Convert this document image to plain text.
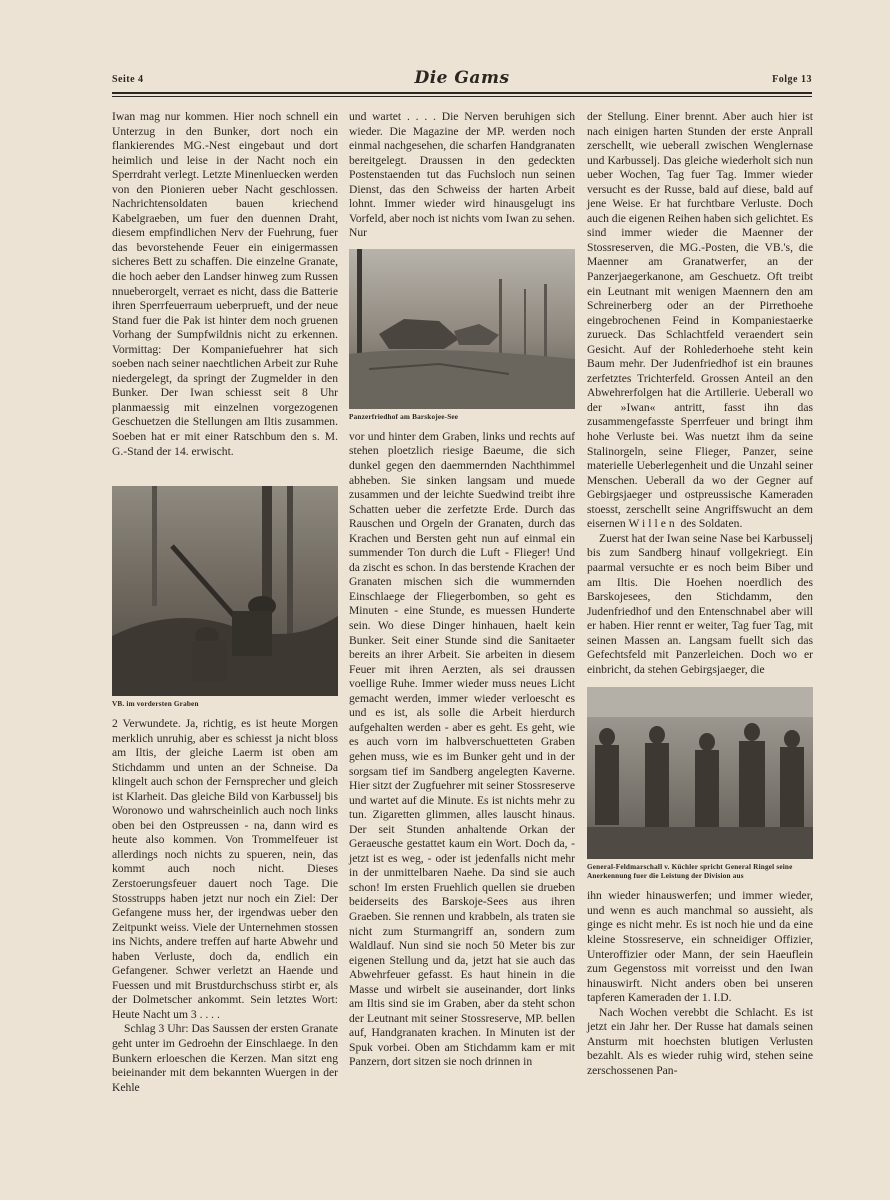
Seite 4	Die Gams	Folge 13

Iwan mag nur kommen. Hier noch schnell ein Unterzug in den Bunker, dort noch ein flankierendes MG.-Nest eingebaut und dort heimlich und leise in der Nacht noch ein Sperrdraht verlegt. Letzte Minenluecken werden von den Pionieren ueber Nacht geschlossen. Nachrichtensoldaten bauen kriechend Kabelgraeben, um fuer den duennen Draht, diesem empfindlichen Nerv der Fuehrung, fuer das bevorstehende Feuer ein einigermassen sicheres Bett zu schaffen. Die einzelne Granate, die hoch aeber den Landser hinweg zum Russen nnueberorgelt, verraet es nicht, dass die Batterie ihren Sperrfeuerraum ueberprueft, und der neue Stand fuer die Pak ist hinter dem noch gruenen Vorhang der Sumpfwildnis nicht zu erkennen. Vormittag: Der Kompaniefuehrer hat sich soeben nach seiner naechtlichen Arbeit zur Ruhe niedergelegt, da springt der Zugmelder in den Bunker. Der Iwan schiesst seit 8 Uhr planmaessig mit einzelnen vorgezogenen Geschuetzen die Stellungen am Iltis zusammen. Soeben hat er mit einer Ratschbum den s. M. G.-Stand der 14. erwischt.

VB. im vordersten Graben

2 Verwundete. Ja, richtig, es ist heute Morgen merklich unruhig, aber es schiesst ja nicht bloss am Iltis, der gleiche Laerm ist oben am Stichdamm und unten an der Schneise. Da klingelt auch schon der Fernsprecher und gleich ist Klarheit. Das gleiche Bild von Karbusselj bis Woronowo und wahrscheinlich auch noch links oben bei den Ostpreussen - na, dann wird es heute also kommen. Von Trommelfeuer ist allerdings noch nichts zu spueren, nein, das kommt auch noch nicht. Dieses Zerstoerungsfeuer dauert noch Tage. Die Stosstrupps haben jetzt nur noch ein Ziel: Der Gefangene muss her, der irgendwas ueber den Zeitpunkt weiss. Viele der Unternehmen stossen ins Nichts, andere treffen auf harte Abwehr und haben Verluste, doch da, endlich ein Gefangener. Schwer verletzt an Haende und Fuessen und mit Brustdurchschuss stirbt er, als der Dolmetscher ankommt. Sein letztes Wort: Heute Nacht um 3 . . . .

Schlag 3 Uhr: Das Saussen der ersten Granate geht unter im Gedroehn der Einschlaege. In den Bunkern erloeschen die Kerzen. Man sitzt eng beieinander mit dem bekannten Wuergen in der Kehle

und wartet . . . . Die Nerven beruhigen sich wieder. Die Magazine der MP. werden noch einmal nachgesehen, die scharfen Handgranaten bereitgelegt. Draussen in den gedeckten Postenstaenden tut das Fuchsloch nun seinen Dienst, das den Schweiss der harten Arbeit lohnt. Immer wieder wird hinausgelugt ins Vorfeld, aber noch ist nichts vom Iwan zu sehen. Nur

Panzerfriedhof am Barskojee-See

vor und hinter dem Graben, links und rechts auf stehen ploetzlich riesige Baeume, die sich dunkel gegen den daemmernden Nachthimmel abheben. Sie sinken langsam und muede zusammen und der leichte Suedwind treibt ihre Schatten ueber die zerfetzte Erde. Durch das Rauschen und Orgeln der Granaten, durch das Krachen und Bersten geht nun auf einmal ein summender Ton durch die Luft - Flieger! Und da zischt es schon. In das berstende Krachen der Granaten mischen sich die wummernden Einschlaege der Fliegerbomben, so geht es Minuten - eine Stunde, es muessen Hunderte sein. Wo diese Dinger hinhauen, haelt kein Bunker. Seit einer Stunde sind die Sanitaeter bereits an ihrer Arbeit. Sie arbeiten in diesem Feuer mit ihren Aerzten, als sei draussen voellige Ruhe. Immer wieder muss neues Licht gemacht werden, immer wieder verloescht es und es ist, als solle die Arbeit hierdurch aufgehalten werden - aber es geht. Es geht, wie es auch vorn im halbverschuetteten Graben gehen muss, wie es im Bunker geht und in der sorgsam tief im Sandberg angelegten Kaverne. Hier sitzt der Zugfuehrer mit seiner Stossreserve und wartet auf die Minute. Es ist nichts mehr zu tun. Zigaretten glimmen, alles lauscht hinaus. Der seit Stunden anhaltende Orkan der Geraeusche gestattet kaum ein Wort. Doch da, - jetzt ist es weg, - oder ist jedenfalls nicht mehr in der unmittelbaren Naehe. Da sind sie auch schon! Im ersten Fruehlich quellen sie drueben beiderseits des Barskoje-Sees aus ihren Graeben. Sie rennen und krabbeln, als traten sie nicht zum Sturmangriff an, sondern zum Waldlauf. Nun sind sie noch 50 Meter bis zur eigenen Stellung und da, jetzt hat sie auch das Abwehrfeuer gefasst. Es haut hinein in die Masse und wirbelt sie auseinander, dort links am Iltis sind sie im Graben, aber da steht schon der Leutnant mit seiner Stossreserve, MP. bellen auf, Handgranaten krachen. In Minuten ist der Spuk vorbei. Oben am Stichdamm kam er mit Panzern, dort sitzen sie noch drinnen in

der Stellung. Einer brennt. Aber auch hier ist nach einigen harten Stunden der erste Anprall zerschellt, wie ueberall zwischen Wenglernase und Karbusselj. Das gleiche wiederholt sich nun ueber Wochen, Tag fuer Tag. Immer wieder versucht es der Russe, bald auf diese, bald auf jene Weise. Er hat furchtbare Verluste. Doch auch die eigenen Reihen haben sich gelichtet. Es sind immer wieder die Maenner der Stossreserven, die MG.-Posten, die VB.'s, die Maenner am Granatwerfer, an der Panzerjaegerkanone, am Geschuetz. Oft treibt ein Leutnant mit wenigen Maennern den am Schreinerberg oder an der Pirrethoehe eingebrochenen Feind in Kompaniestaerke zurueck. Das Schlachtfeld veraendert sein Gesicht. Auf der Rohlederhoehe steht kein Baum mehr. Der Judenfriedhof ist ein braunes zerfetztes Trichterfeld. Grossen Anteil an den Abwehrerfolgen hat die Artillerie. Ueberall wo der »Iwan« antritt, fasst ihn das zusammengefasste Sperrfeuer und bringt ihm hohe Verluste bei. Was nuetzt ihm da seine Stalinorgeln, seine Flieger, Panzer, seine materielle Ueberlegenheit und die Unzahl seiner Menschen. Ueberall da wo der Gegner auf Gebirgsjaeger und ostpreussische Kameraden stoesst, zerschellt seine Angriffswucht an dem eisernen Willen des Soldaten.

Zuerst hat der Iwan seine Nase bei Karbusselj bis zum Sandberg hinauf vollgekriegt. Ein paarmal versuchte er es noch beim Biber und am Iltis. Die Hoehen noerdlich des Barskojesees, den Stichdamm, den Judenfriedhof und den Entenschnabel aber will er haben. Hier rennt er weiter, Tag fuer Tag, mit seinen Massen an. Langsam fuellt sich das Gefechtsfeld mit Panzerleichen. Doch wo er einbricht, da stehen Gebirgsjaeger, die

General-Feldmarschall v. Küchler spricht General Ringel seine Anerkennung fuer die Leistung der Division aus

ihn wieder hinauswerfen; und immer wieder, und wenn es auch manchmal so aussieht, als ginge es nicht mehr. Es ist noch hie und da eine kleine Stossreserve, ein schneidiger Offizier, Unteroffizier oder Mann, der sein Haeuflein zum Gegenstoss mit vorreisst und den Iwan hinauswirft. Nicht anders oben bei unseren tapferen Kameraden der 1. I.D.

Nach Wochen verebbt die Schlacht. Es ist jetzt ein Jahr her. Der Russe hat damals seinen Ansturm mit hoechsten blutigen Verlusten bezahlt. Als es wieder ruhig wird, stehen seine zerschossenen Pan-
